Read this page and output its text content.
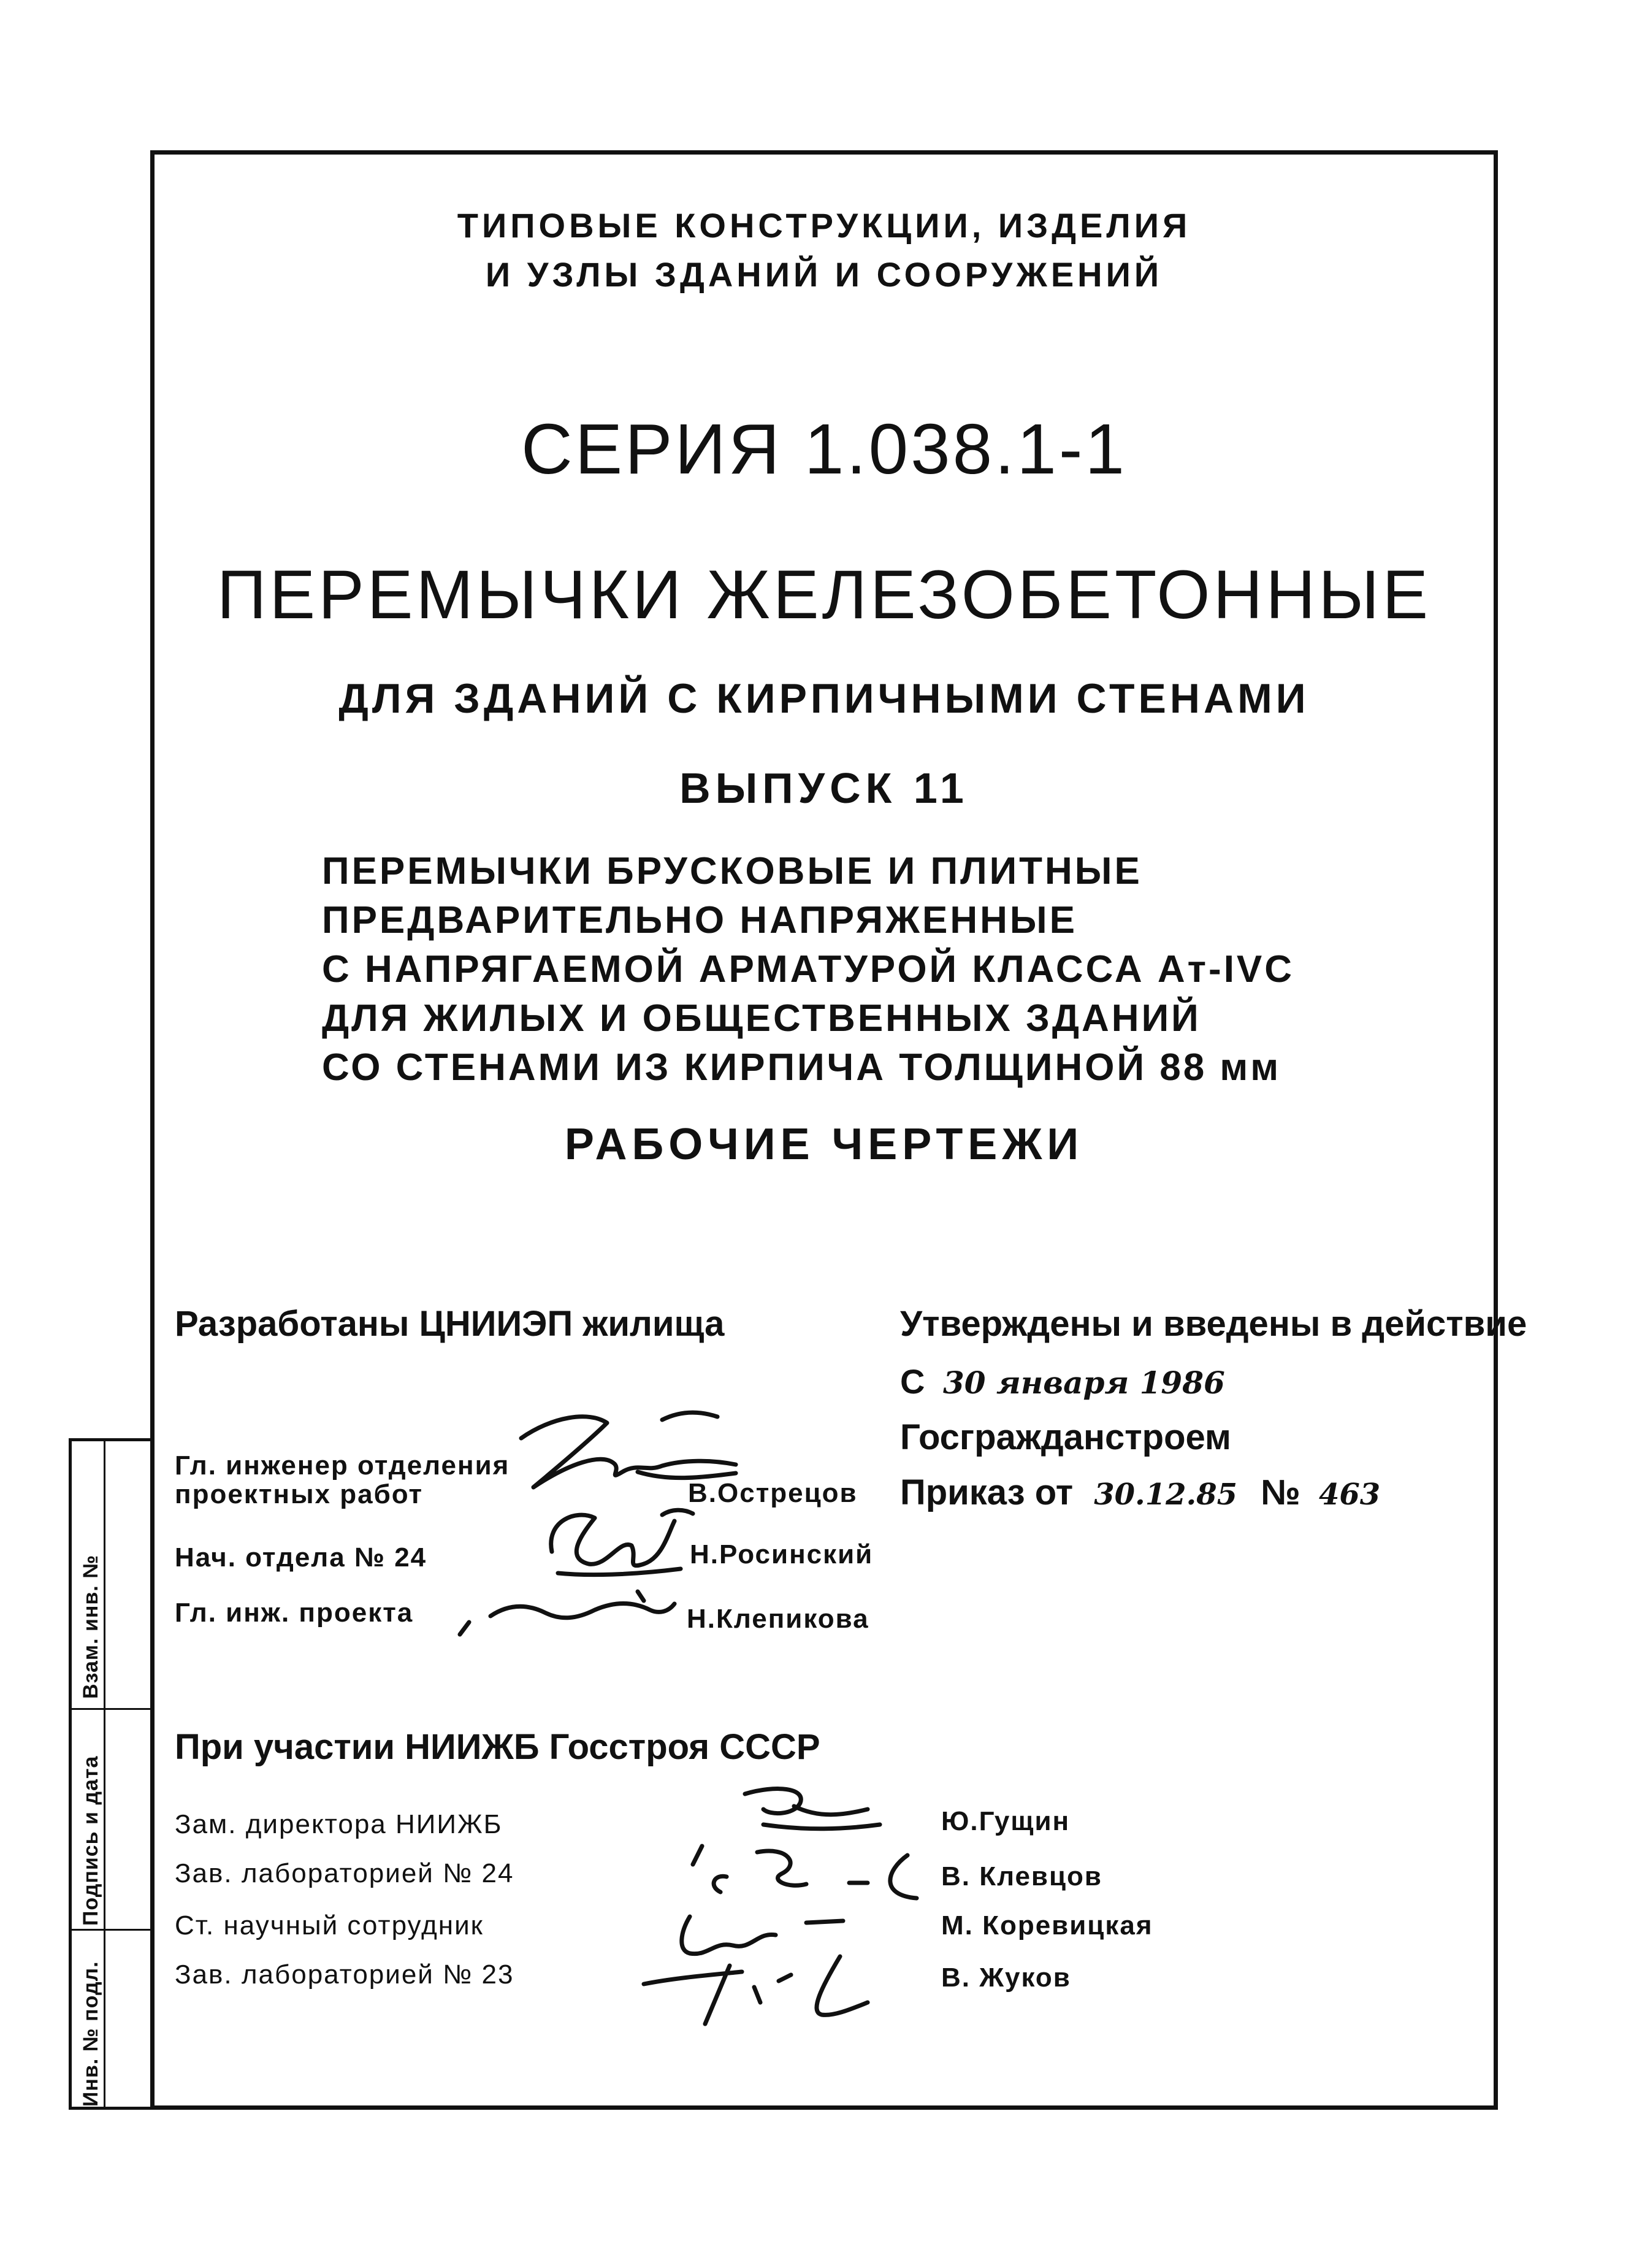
Инв. № подл.
Подпись и дата
Взам. инв. №
ТИПОВЫЕ КОНСТРУКЦИИ, ИЗДЕЛИЯ
И УЗЛЫ ЗДАНИЙ И СООРУЖЕНИЙ
СЕРИЯ 1.038.1-1
ПЕРЕМЫЧКИ ЖЕЛЕЗОБЕТОННЫЕ
ДЛЯ ЗДАНИЙ С КИРПИЧНЫМИ СТЕНАМИ
ВЫПУСК 11
ПЕРЕМЫЧКИ БРУСКОВЫЕ И ПЛИТНЫЕ
ПРЕДВАРИТЕЛЬНО НАПРЯЖЕННЫЕ
С НАПРЯГАЕМОЙ АРМАТУРОЙ КЛАССА Aт-IVC
ДЛЯ ЖИЛЫХ И ОБЩЕСТВЕННЫХ ЗДАНИЙ
СО СТЕНАМИ ИЗ КИРПИЧА ТОЛЩИНОЙ 88 мм
РАБОЧИЕ ЧЕРТЕЖИ
Разработаны ЦНИИЭП жилища
Гл. инженер отделения
проектных работ	В.Острецов
Нач. отдела № 24	Н.Росинский
Гл. инж. проекта	Н.Клепикова
Утверждены и введены в действие
С 30 января 1986
Госгражданстроем
Приказ от 30.12.85 № 463
При участии НИИЖБ Госстроя СССР
Зам. директора НИИЖБ	Ю.Гущин
Зав. лабораторией № 24	В. Клевцов
Ст. научный сотрудник	М. Коревицкая
Зав. лабораторией № 23	В. Жуков
